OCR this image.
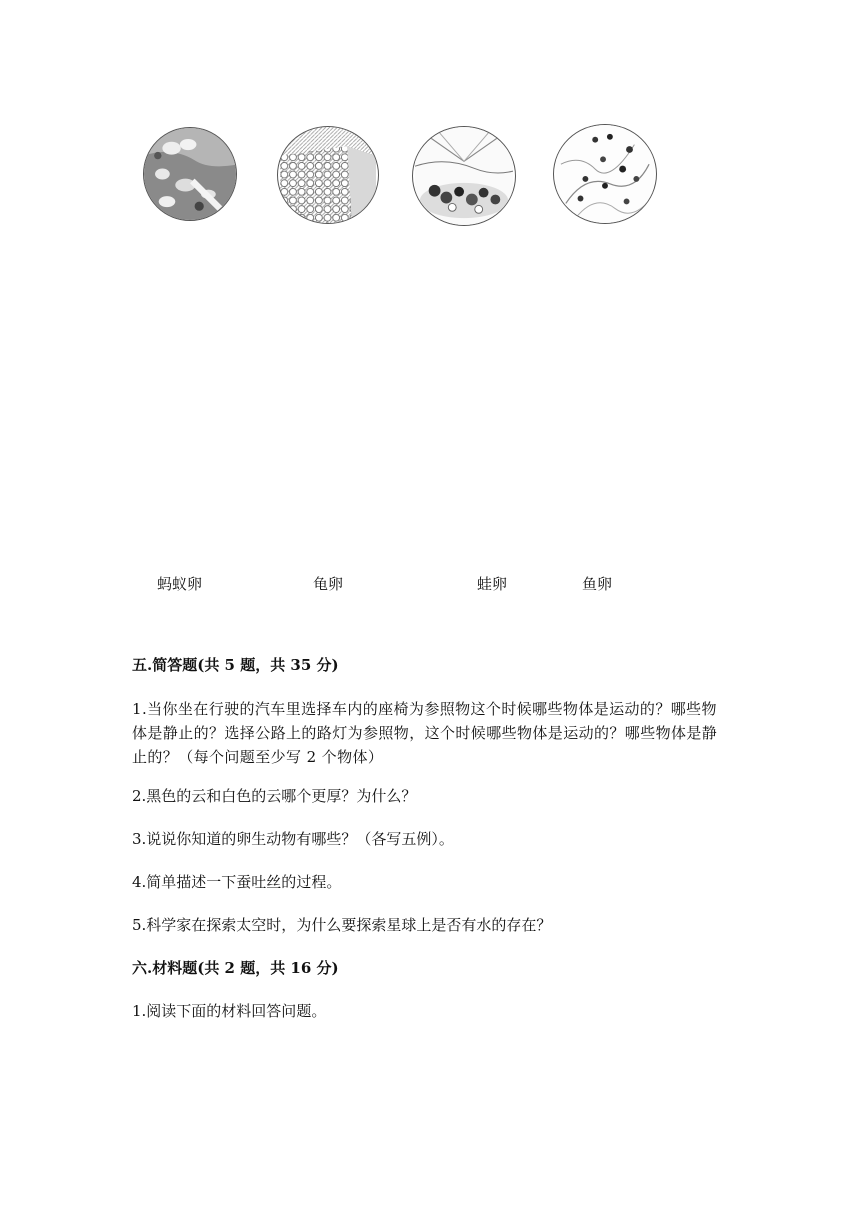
蚂蚁卵	龟卵	蛙卵	鱼卵
五.简答题(共 5 题，共 35 分)
1.当你坐在行驶的汽车里选择车内的座椅为参照物这个时候哪些物体是运动的？哪些物体是静止的？选择公路上的路灯为参照物，这个时候哪些物体是运动的？哪些物体是静止的？（每个问题至少写 2 个物体）
2.黑色的云和白色的云哪个更厚？为什么？
3.说说你知道的卵生动物有哪些？（各写五例）。
4.简单描述一下蚕吐丝的过程。
5.科学家在探索太空时，为什么要探索星球上是否有水的存在？
六.材料题(共 2 题，共 16 分)
1.阅读下面的材料回答问题。
